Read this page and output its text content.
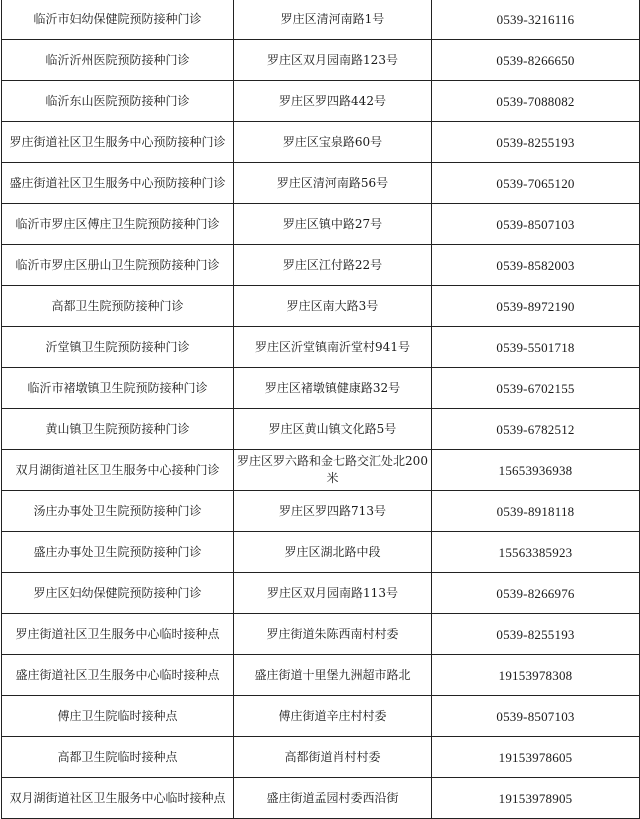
临沂市妇幼保健院预防接种门诊	罗庄区清河南路1号	0539-3216116
临沂沂州医院预防接种门诊	罗庄区双月园南路123号	0539-8266650
临沂东山医院预防接种门诊	罗庄区罗四路442号	0539-7088082
罗庄街道社区卫生服务中心预防接种门诊	罗庄区宝泉路60号	0539-8255193
盛庄街道社区卫生服务中心预防接种门诊	罗庄区清河南路56号	0539-7065120
临沂市罗庄区傅庄卫生院预防接种门诊	罗庄区镇中路27号	0539-8507103
临沂市罗庄区册山卫生院预防接种门诊	罗庄区江付路22号	0539-8582003
高都卫生院预防接种门诊	罗庄区南大路3号	0539-8972190
沂堂镇卫生院预防接种门诊	罗庄区沂堂镇南沂堂村941号	0539-5501718
临沂市褚墩镇卫生院预防接种门诊	罗庄区褚墩镇健康路32号	0539-6702155
黄山镇卫生院预防接种门诊	罗庄区黄山镇文化路5号	0539-6782512
双月湖街道社区卫生服务中心接种门诊	罗庄区罗六路和金七路交汇处北200米	15653936938
汤庄办事处卫生院预防接种门诊	罗庄区罗四路713号	0539-8918118
盛庄办事处卫生院预防接种门诊	罗庄区湖北路中段	15563385923
罗庄区妇幼保健院预防接种门诊	罗庄区双月园南路113号	0539-8266976
罗庄街道社区卫生服务中心临时接种点	罗庄街道朱陈西南村村委	0539-8255193
盛庄街道社区卫生服务中心临时接种点	盛庄街道十里堡九洲超市路北	19153978308
傅庄卫生院临时接种点	傅庄街道辛庄村村委	0539-8507103
高都卫生院临时接种点	高都街道肖村村委	19153978605
双月湖街道社区卫生服务中心临时接种点	盛庄街道孟园村委西沿街	19153978905
